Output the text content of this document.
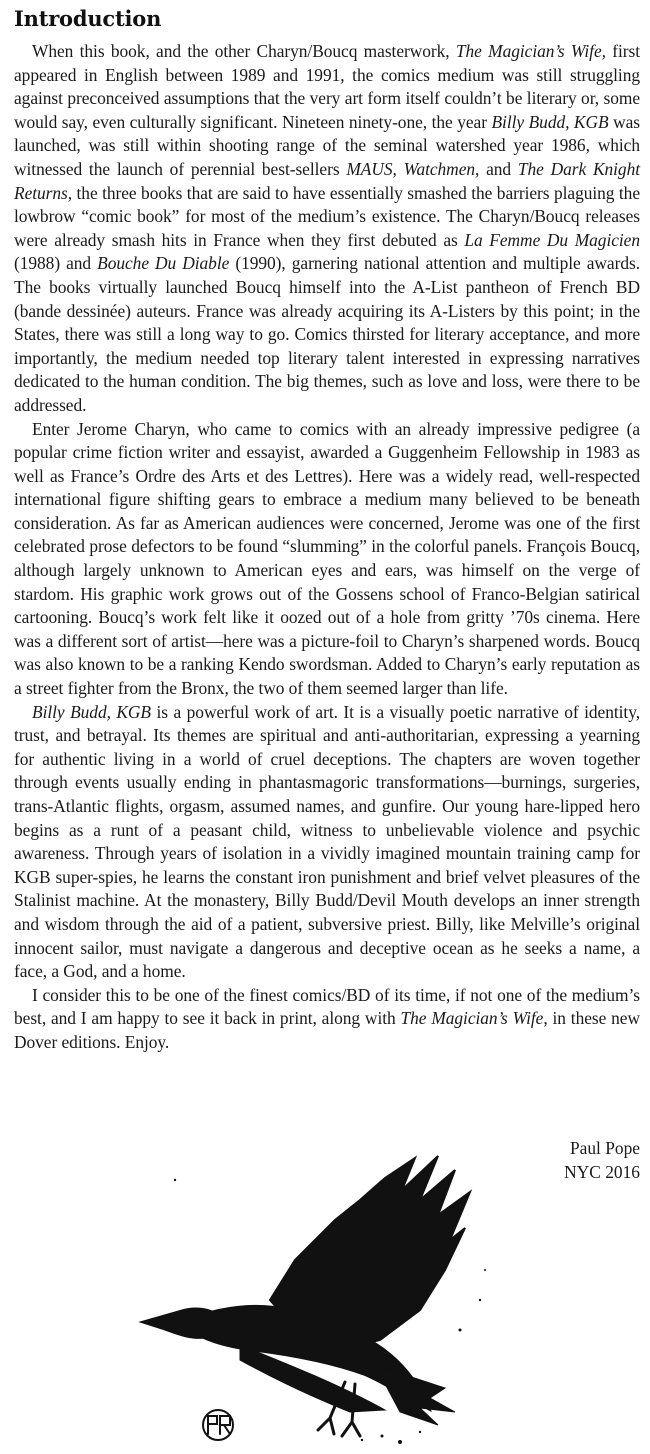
Introduction

When this book, and the other Charyn/Boucq masterwork, The Magician’s Wife, first appeared in English between 1989 and 1991, the comics medium was still struggling against preconceived assumptions that the very art form itself couldn’t be literary or, some would say, even culturally significant. Nineteen ninety-one, the year Billy Budd, KGB was launched, was still within shooting range of the seminal watershed year 1986, which witnessed the launch of perennial best-sellers MAUS, Watchmen, and The Dark Knight Returns, the three books that are said to have essentially smashed the barriers plaguing the lowbrow “comic book” for most of the medium’s existence. The Charyn/Boucq releases were already smash hits in France when they first debuted as La Femme Du Magicien (1988) and Bouche Du Diable (1990), garnering national attention and multiple awards. The books virtually launched Boucq himself into the A-List pantheon of French BD (bande dessinée) auteurs. France was already acquiring its A-Listers by this point; in the States, there was still a long way to go. Comics thirsted for literary acceptance, and more importantly, the medium needed top literary talent interested in expressing narratives dedicated to the human condition. The big themes, such as love and loss, were there to be addressed.

Enter Jerome Charyn, who came to comics with an already impressive pedigree (a popular crime fiction writer and essayist, awarded a Guggenheim Fellowship in 1983 as well as France’s Ordre des Arts et des Lettres). Here was a widely read, well-respected international figure shifting gears to embrace a medium many believed to be beneath consideration. As far as American audiences were concerned, Jerome was one of the first celebrated prose defectors to be found “slumming” in the colorful panels. François Boucq, although largely unknown to American eyes and ears, was himself on the verge of stardom. His graphic work grows out of the Gossens school of Franco-Belgian satirical cartooning. Boucq’s work felt like it oozed out of a hole from gritty ’70s cinema. Here was a different sort of artist—here was a picture-foil to Charyn’s sharpened words. Boucq was also known to be a ranking Kendo swordsman. Added to Charyn’s early reputation as a street fighter from the Bronx, the two of them seemed larger than life.

Billy Budd, KGB is a powerful work of art. It is a visually poetic narrative of identity, trust, and betrayal. Its themes are spiritual and anti-authoritarian, expressing a yearning for authentic living in a world of cruel deceptions. The chapters are woven together through events usually ending in phantasmagoric transformations—burnings, surgeries, trans-Atlantic flights, orgasm, assumed names, and gunfire. Our young hare-lipped hero begins as a runt of a peasant child, witness to unbelievable violence and psychic awareness. Through years of isolation in a vividly imagined mountain training camp for KGB super-spies, he learns the constant iron punishment and brief velvet pleasures of the Stalinist machine. At the monastery, Billy Budd/Devil Mouth develops an inner strength and wisdom through the aid of a patient, subversive priest. Billy, like Melville’s original innocent sailor, must navigate a dangerous and deceptive ocean as he seeks a name, a face, a God, and a home.

I consider this to be one of the finest comics/BD of its time, if not one of the medium’s best, and I am happy to see it back in print, along with The Magician’s Wife, in these new Dover editions. Enjoy.

Paul Pope
NYC 2016
